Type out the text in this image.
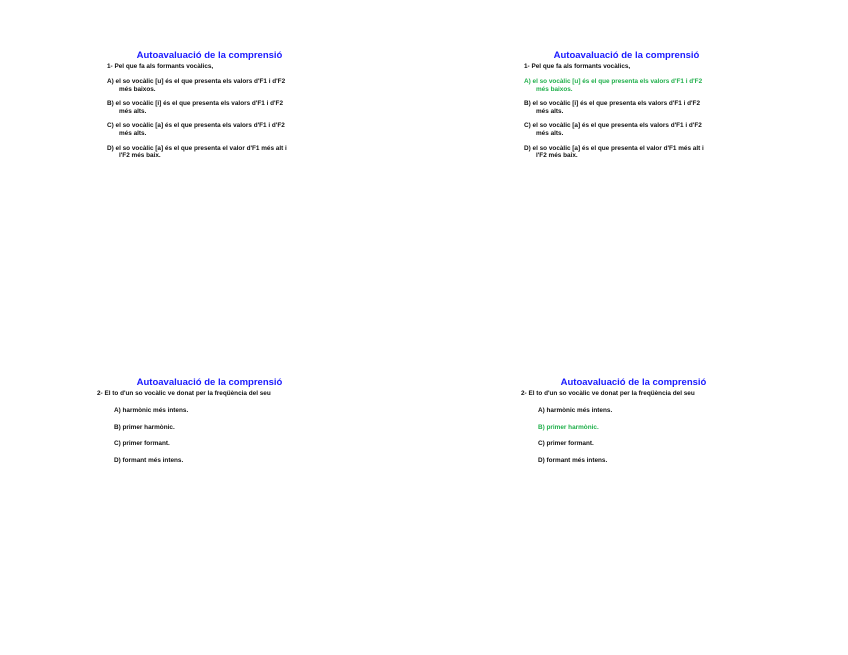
Autoavaluació de la comprensió
1- Pel que fa als formants vocàlics,
A) el so vocàlic [u] és el que presenta els valors d'F1 i d'F2
més baixos.
B) el so vocàlic [i] és el que presenta els valors d'F1 i d'F2
més alts.
C) el so vocàlic [a] és el que presenta els valors d'F1 i d'F2
més alts.
D) el so vocàlic [a] és el que presenta el valor d'F1 més alt i
l'F2 més baix.
Autoavaluació de la comprensió
1- Pel que fa als formants vocàlics,
A) el so vocàlic [u] és el que presenta els valors d'F1 i d'F2
més baixos.
B) el so vocàlic [i] és el que presenta els valors d'F1 i d'F2
més alts.
C) el so vocàlic [a] és el que presenta els valors d'F1 i d'F2
més alts.
D) el so vocàlic [a] és el que presenta el valor d'F1 més alt i
l'F2 més baix.
Autoavaluació de la comprensió
2- El to d'un so vocàlic ve donat per la freqüència del seu
A) harmònic més intens.
B) primer harmònic.
C) primer formant.
D) formant més intens.
Autoavaluació de la comprensió
2- El to d'un so vocàlic ve donat per la freqüència del seu
A) harmònic més intens.
B) primer harmònic.
C) primer formant.
D) formant més intens.
